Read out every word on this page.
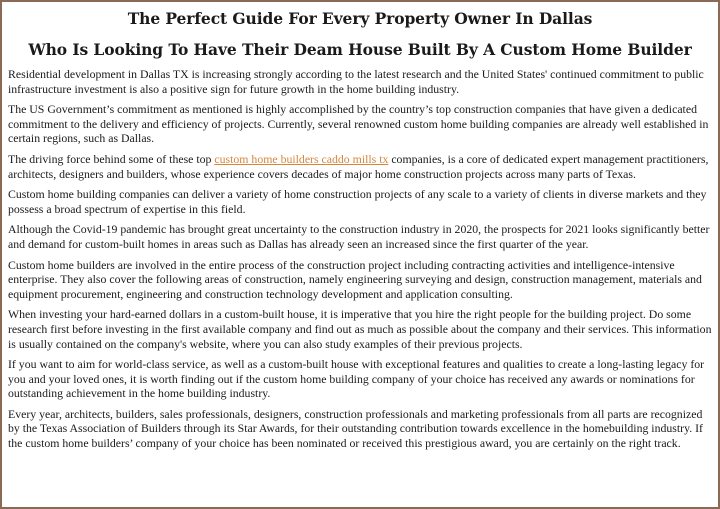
The Perfect Guide For Every Property Owner In Dallas
Who Is Looking To Have Their Deam House Built By A Custom Home Builder

Residential development in Dallas TX is increasing strongly according to the latest research and the United States' continued commitment to public infrastructure investment is also a positive sign for future growth in the home building industry.

The US Government’s commitment as mentioned is highly accomplished by the country’s top construction companies that have given a dedicated commitment to the delivery and efficiency of projects. Currently, several renowned custom home building companies are already well established in certain regions, such as Dallas.

The driving force behind some of these top custom home builders caddo mills tx companies, is a core of dedicated expert management practitioners, architects, designers and builders, whose experience covers decades of major home construction projects across many parts of Texas.

Custom home building companies can deliver a variety of home construction projects of any scale to a variety of clients in diverse markets and they possess a broad spectrum of expertise in this field.

Although the Covid-19 pandemic has brought great uncertainty to the construction industry in 2020, the prospects for 2021 looks significantly better and demand for custom-built homes in areas such as Dallas has already seen an increased since the first quarter of the year.

Custom home builders are involved in the entire process of the construction project including contracting activities and intelligence-intensive enterprise. They also cover the following areas of construction, namely engineering surveying and design, construction management, materials and equipment procurement, engineering and construction technology development and application consulting.

When investing your hard-earned dollars in a custom-built house, it is imperative that you hire the right people for the building project. Do some research first before investing in the first available company and find out as much as possible about the company and their services. This information is usually contained on the company's website, where you can also study examples of their previous projects.

If you want to aim for world-class service, as well as a custom-built house with exceptional features and qualities to create a long-lasting legacy for you and your loved ones, it is worth finding out if the custom home building company of your choice has received any awards or nominations for outstanding achievement in the home building industry.

Every year, architects, builders, sales professionals, designers, construction professionals and marketing professionals from all parts are recognized by the Texas Association of Builders through its Star Awards, for their outstanding contribution towards excellence in the homebuilding industry. If the custom home builders’ company of your choice has been nominated or received this prestigious award, you are certainly on the right track.
